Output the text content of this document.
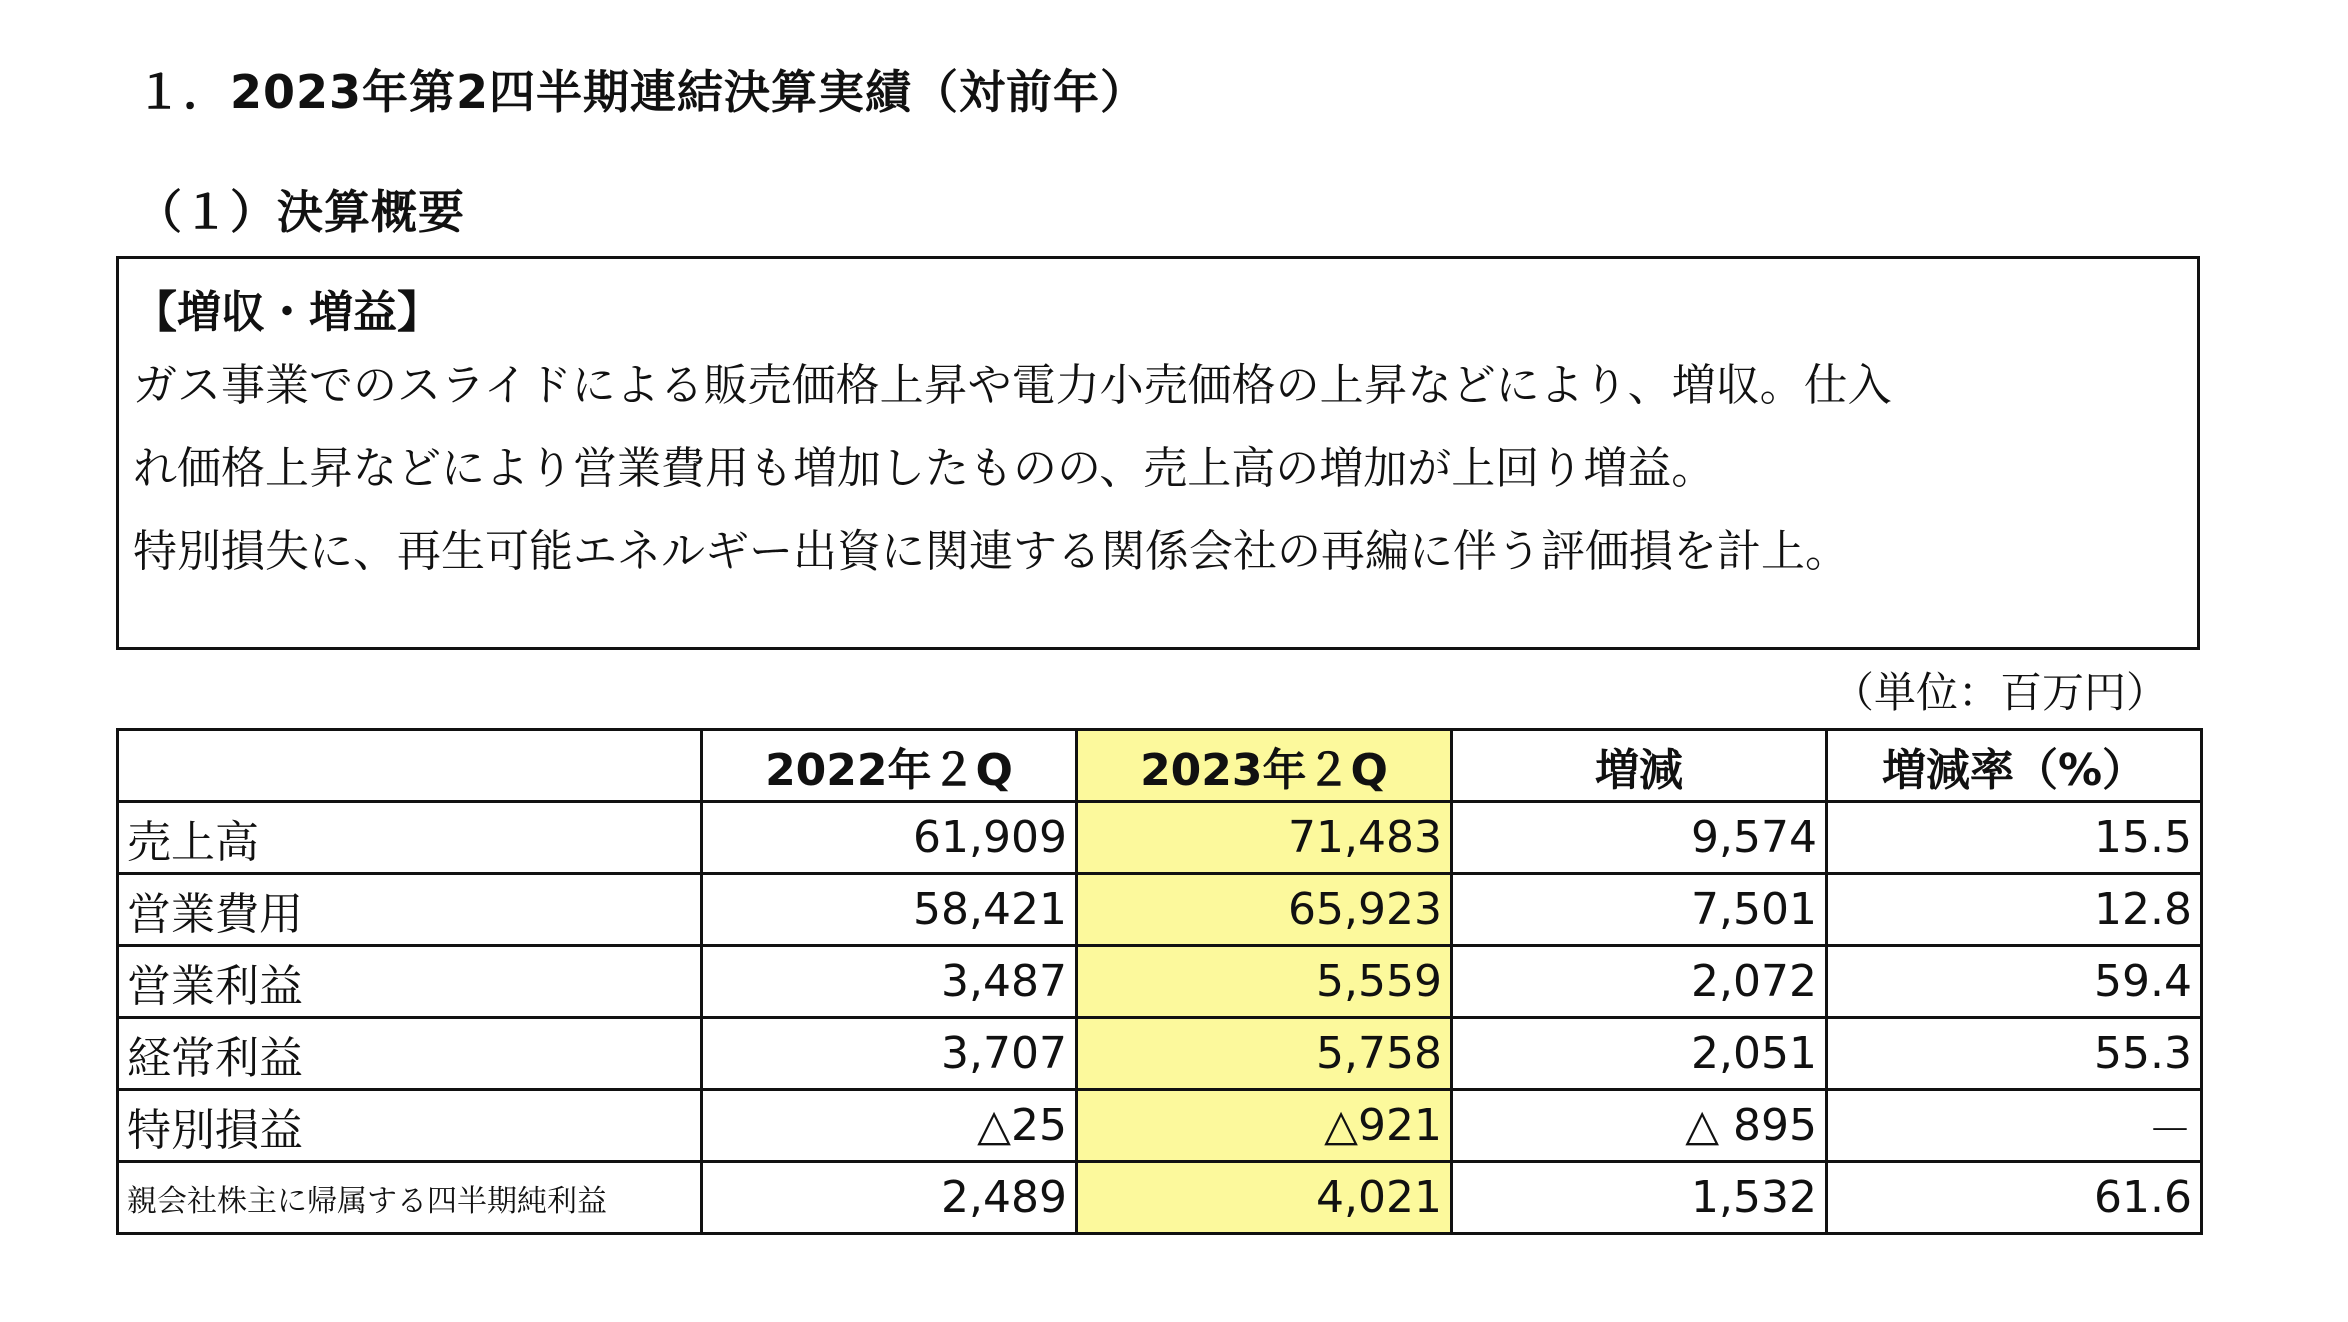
１．2023年第2四半期連結決算実績（対前年）
（１）決算概要
【増収・増益】
ガス事業でのスライドによる販売価格上昇や電力小売価格の上昇などにより、増収。仕入
れ価格上昇などにより営業費用も増加したものの、売上高の増加が上回り増益。
特別損失に、再生可能エネルギー出資に関連する関係会社の再編に伴う評価損を計上。
（単位：百万円）
	2022年２Q	2023年２Q	増減	増減率（%）
売上高	61,909	71,483	9,574	15.5
営業費用	58,421	65,923	7,501	12.8
営業利益	3,487	5,559	2,072	59.4
経常利益	3,707	5,758	2,051	55.3
特別損益	△25	△921	△ 895	－
親会社株主に帰属する四半期純利益	2,489	4,021	1,532	61.6
